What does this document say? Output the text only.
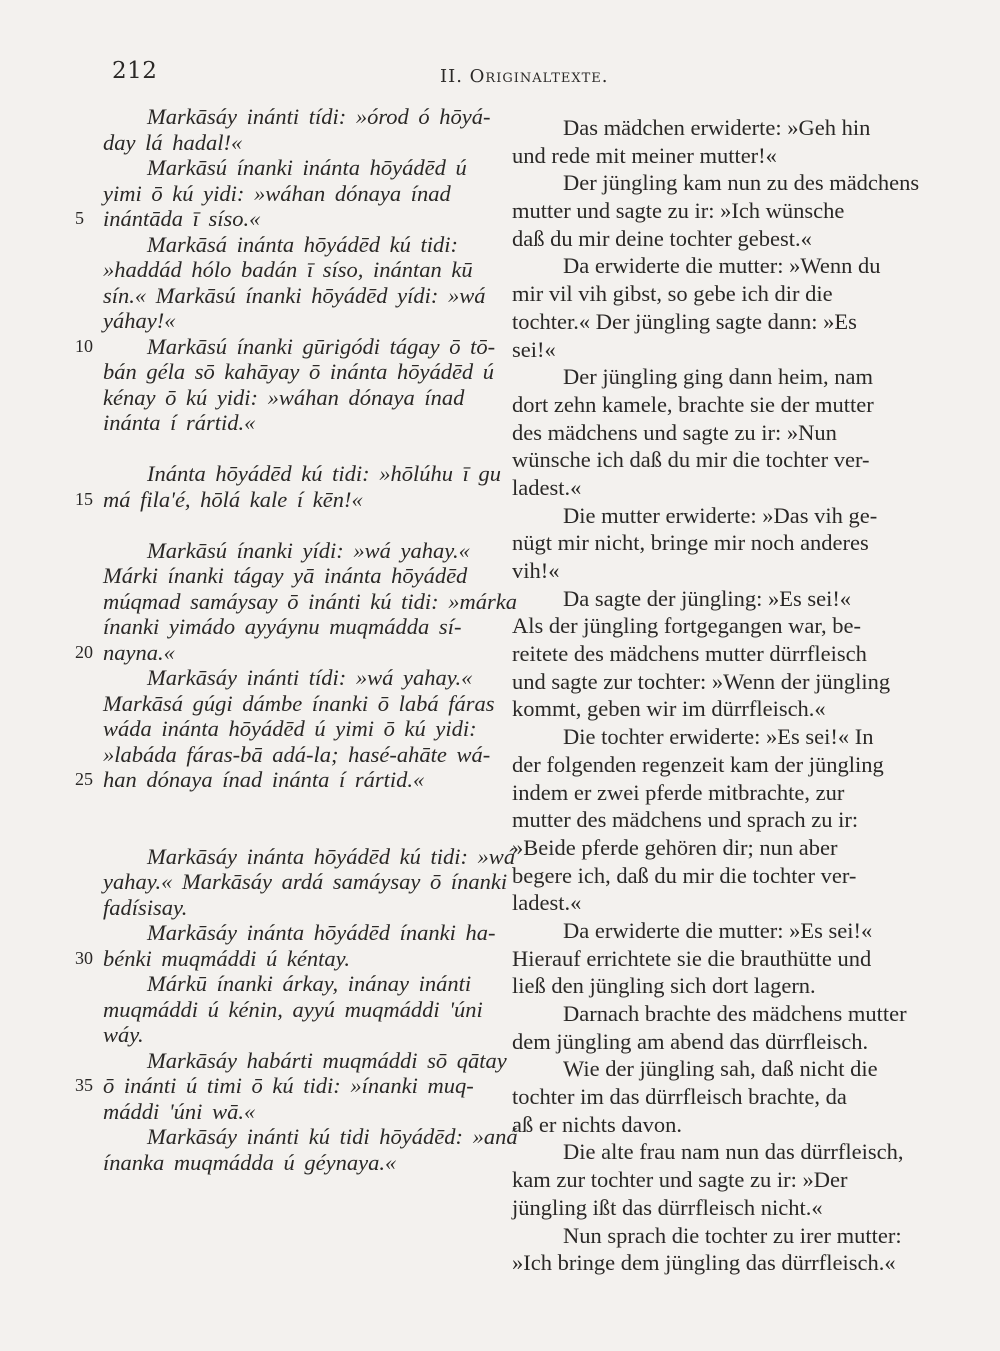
212	II. Originaltexte.
Markāsáy inánti tídi: »órod ó hōyá-
day lá hadal!«
Markāsú ínanki inánta hōyádēd ú
yimi ō kú yidi: »wáhan dónaya ínad
5 inántāda ī síso.«
Markāsá inánta hōyádēd kú tidi:
»haddád hólo badán ī síso, inántan kū
sín.« Markāsú ínanki hōyádēd yídi: »wá
yáhay!«
10 Markāsú ínanki gūrigódi tágay ō tō-
bán géla sō kahāyay ō inánta hōyádēd ú
kénay ō kú yidi: »wáhan dónaya ínad
inánta í rártid.«
Inánta hōyádēd kú tidi: »hōlúhu ī gu
15 má fila'é, hōlá kale í kēn!«
Markāsú ínanki yídi: »wá yahay.«
Márki ínanki tágay yā inánta hōyádēd
múqmad samáysay ō inánti kú tidi: »márka
ínanki yimádo ayyáynu muqmádda sí-
20 nayna.«
Markāsáy inánti tídi: »wá yahay.«
Markāsá gúgi dámbe ínanki ō labá fáras
wáda inánta hōyádēd ú yimi ō kú yidi:
»labáda fáras-bā adá-la; hasé-ahāte wá-
25 han dónaya ínad inánta í rártid.«
Markāsáy inánta hōyádēd kú tidi: »wá
yahay.« Markāsáy ardá samáysay ō ínanki
fadísisay.
Markāsáy inánta hōyádēd ínanki ha-
30 bénki muqmáddi ú kéntay.
Márkū ínanki árkay, inánay inánti
muqmáddi ú kénin, ayyú muqmáddi 'úni
wáy.
Markāsáy habárti muqmáddi sō qātay
35 ō inánti ú timi ō kú tidi: »ínanki muq-
máddi 'úni wā.«
Markāsáy inánti kú tidi hōyádēd: »aná
ínanka muqmádda ú géynaya.«
Das mädchen erwiderte: »Geh hin
und rede mit meiner mutter!«
Der jüngling kam nun zu des mädchens
mutter und sagte zu ir: »Ich wünsche
daß du mir deine tochter gebest.«
Da erwiderte die mutter: »Wenn du
mir vil vih gibst, so gebe ich dir die
tochter.« Der jüngling sagte dann: »Es
sei!«
Der jüngling ging dann heim, nam
dort zehn kamele, brachte sie der mutter
des mädchens und sagte zu ir: »Nun
wünsche ich daß du mir die tochter ver-
ladest.«
Die mutter erwiderte: »Das vih ge-
nügt mir nicht, bringe mir noch anderes
vih!«
Da sagte der jüngling: »Es sei!«
Als der jüngling fortgegangen war, be-
reitete des mädchens mutter dürrfleisch
und sagte zur tochter: »Wenn der jüngling
kommt, geben wir im dürrfleisch.«
Die tochter erwiderte: »Es sei!« In
der folgenden regenzeit kam der jüngling
indem er zwei pferde mitbrachte, zur
mutter des mädchens und sprach zu ir:
»Beide pferde gehören dir; nun aber
begere ich, daß du mir die tochter ver-
ladest.«
Da erwiderte die mutter: »Es sei!«
Hierauf errichtete sie die brauthütte und
ließ den jüngling sich dort lagern.
Darnach brachte des mädchens mutter
dem jüngling am abend das dürrfleisch.
Wie der jüngling sah, daß nicht die
tochter im das dürrfleisch brachte, da
aß er nichts davon.
Die alte frau nam nun das dürrfleisch,
kam zur tochter und sagte zu ir: »Der
jüngling ißt das dürrfleisch nicht.«
Nun sprach die tochter zu irer mutter:
»Ich bringe dem jüngling das dürrfleisch.«
